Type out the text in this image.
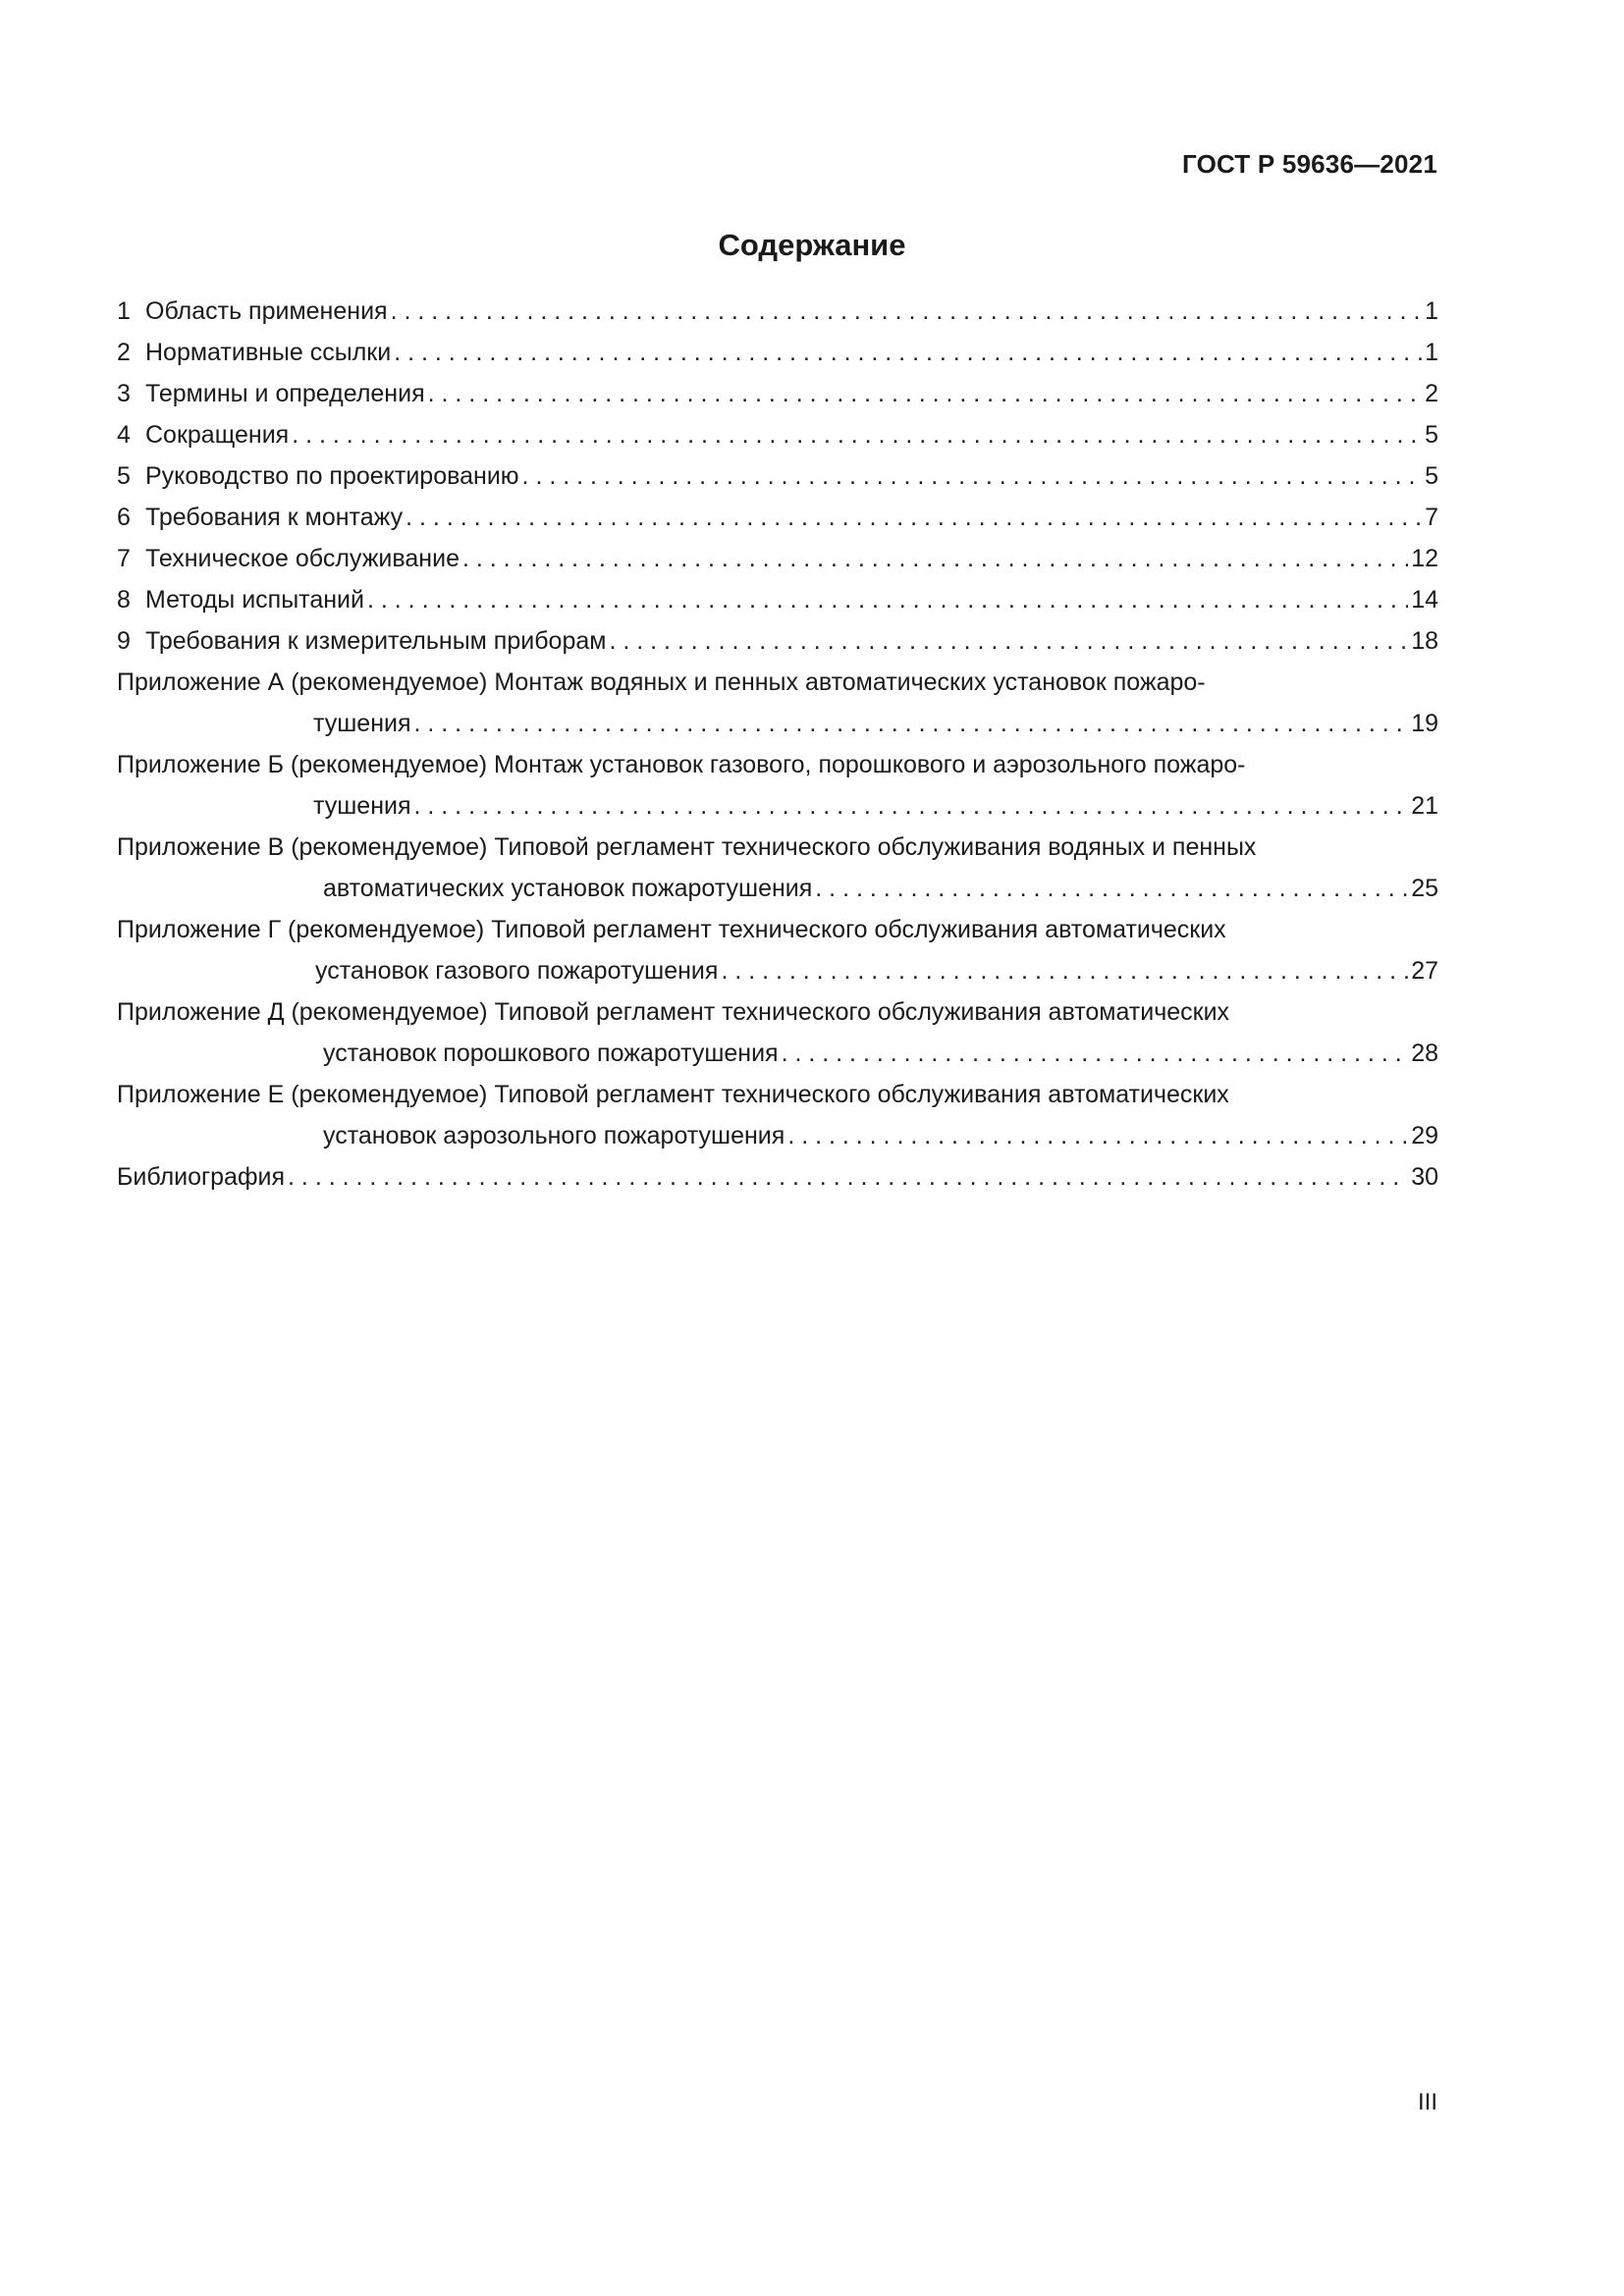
ГОСТ Р 59636—2021
Содержание
1 Область применения . . .	1
2 Нормативные ссылки . . .	1
3 Термины и определения . . .	2
4 Сокращения . . .	5
5 Руководство по проектированию . . .	5
6 Требования к монтажу . . .	7
7 Техническое обслуживание . . .	12
8 Методы испытаний . . .	14
9 Требования к измерительным приборам . . .	18
Приложение А (рекомендуемое) Монтаж водяных и пенных автоматических установок пожаро-
тушения . . .	19
Приложение Б (рекомендуемое) Монтаж установок газового, порошкового и аэрозольного пожаро-
тушения . . .	21
Приложение В (рекомендуемое) Типовой регламент технического обслуживания водяных и пенных
автоматических установок пожаротушения . . .	25
Приложение Г (рекомендуемое) Типовой регламент технического обслуживания автоматических
установок газового пожаротушения . . .	27
Приложение Д (рекомендуемое) Типовой регламент технического обслуживания автоматических
установок порошкового пожаротушения . . .	28
Приложение Е (рекомендуемое) Типовой регламент технического обслуживания автоматических
установок аэрозольного пожаротушения . . .	29
Библиография . . .	30
III
